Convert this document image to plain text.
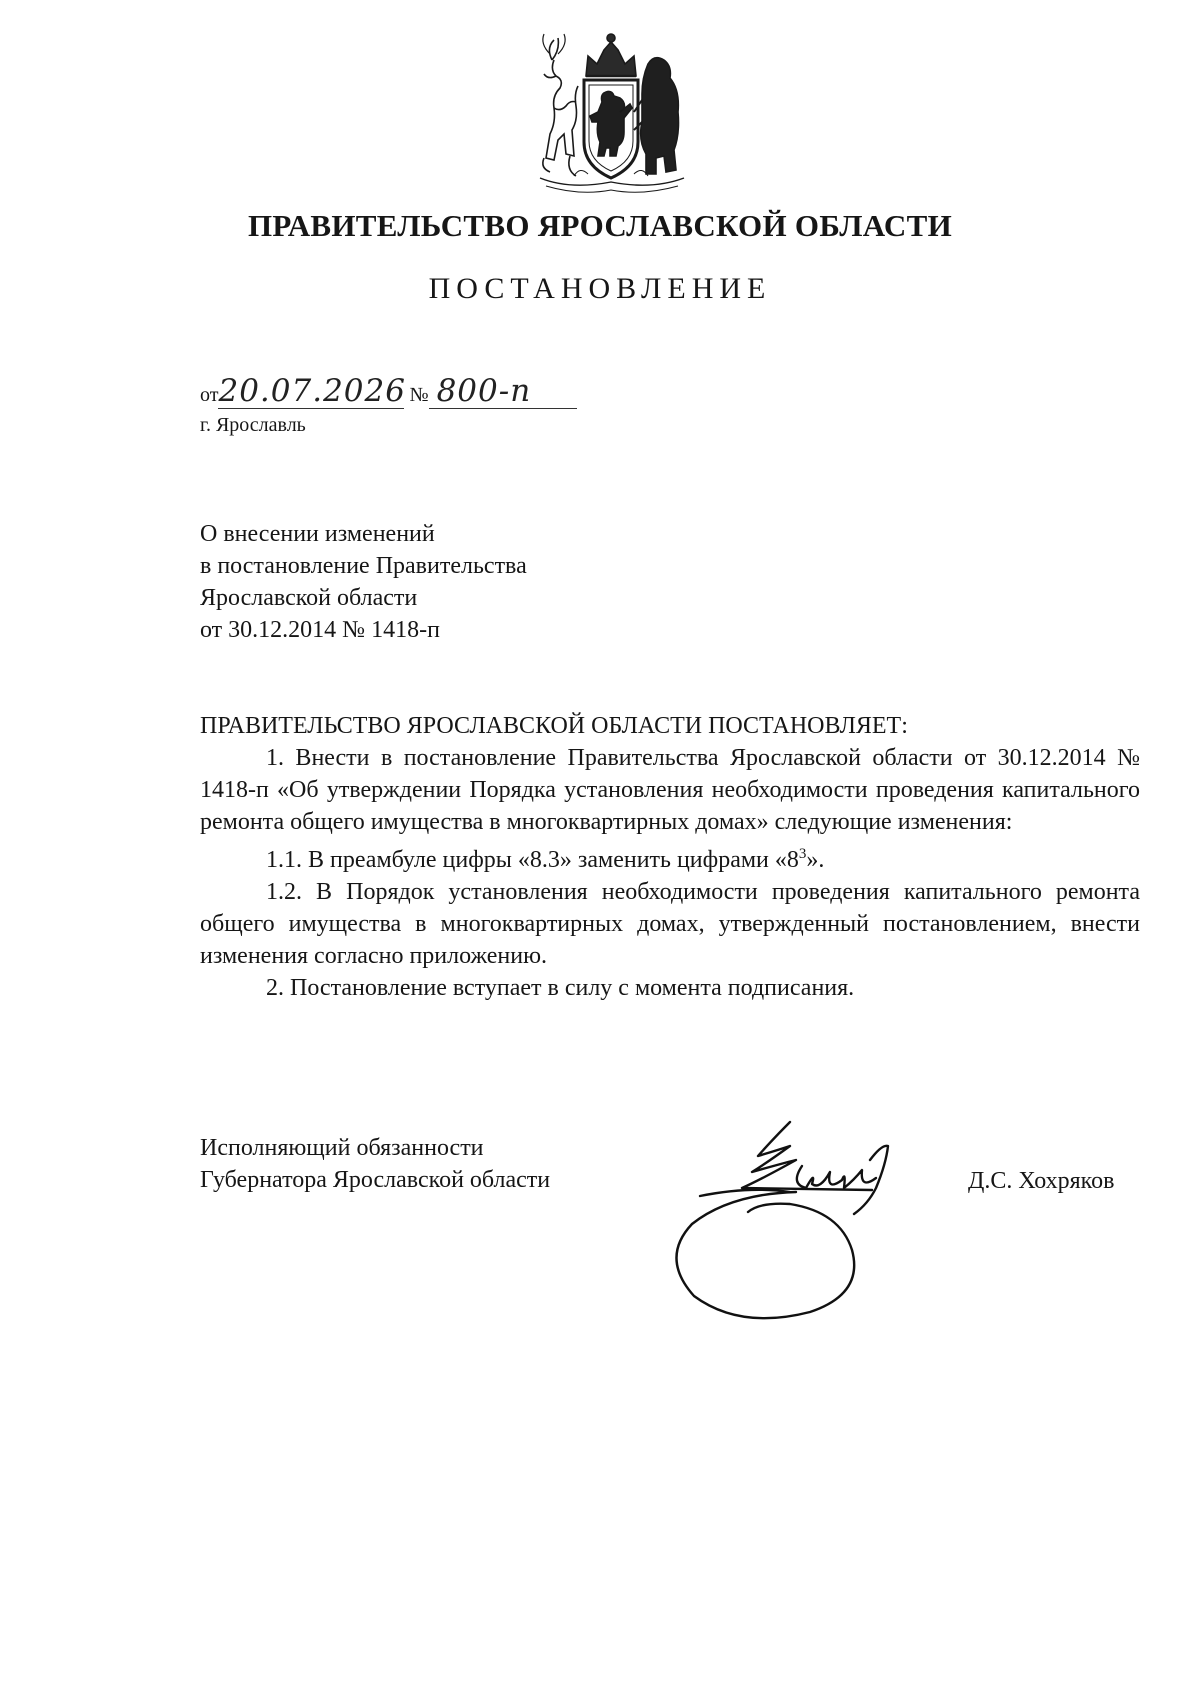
ПРАВИТЕЛЬСТВО ЯРОСЛАВСКОЙ ОБЛАСТИ
ПОСТАНОВЛЕНИЕ
от20.07.2026 № 800-п
г. Ярославль
О внесении изменений
в постановление Правительства
Ярославской области
от 30.12.2014 № 1418-п

ПРАВИТЕЛЬСТВО ЯРОСЛАВСКОЙ ОБЛАСТИ ПОСТАНОВЛЯЕТ:

1. Внести в постановление Правительства Ярославской области от 30.12.2014 № 1418-п «Об утверждении Порядка установления необходимости проведения капитального ремонта общего имущества в многоквартирных домах» следующие изменения:

1.1. В преамбуле цифры «8.3» заменить цифрами «$8^3$».

1.2. В Порядок установления необходимости проведения капитального ремонта общего имущества в многоквартирных домах, утвержденный постановлением, внести изменения согласно приложению.

2. Постановление вступает в силу с момента подписания.

Исполняющий обязанности
Губернатора Ярославской области	Д.С. Хохряков
